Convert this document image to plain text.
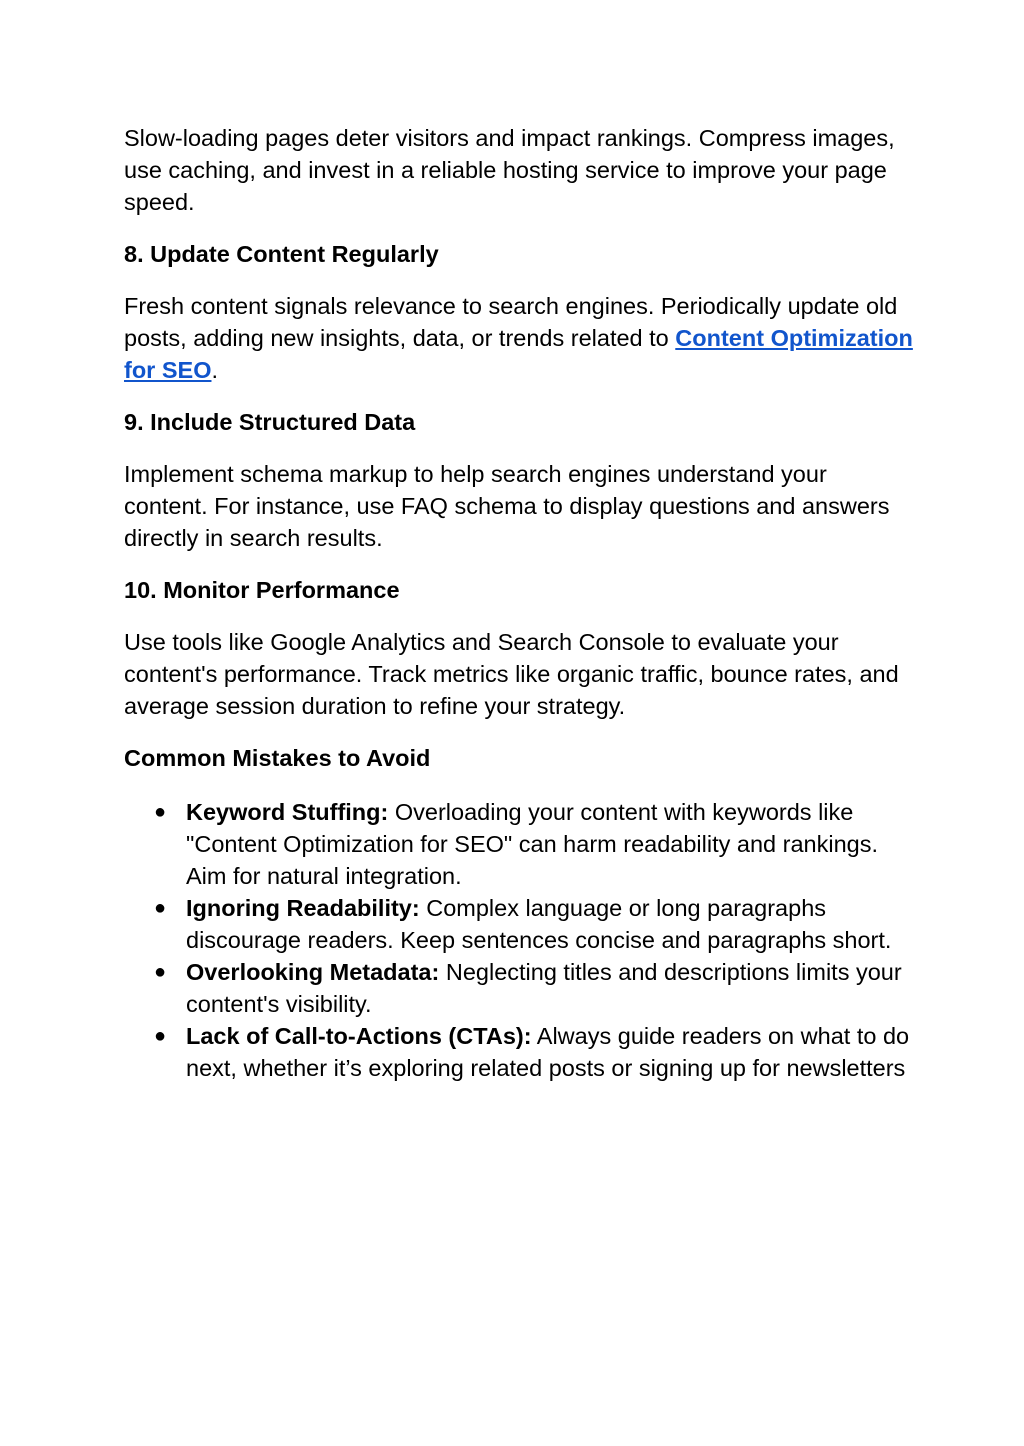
Slow-loading pages deter visitors and impact rankings. Compress images, use caching, and invest in a reliable hosting service to improve your page speed.

8. Update Content Regularly

Fresh content signals relevance to search engines. Periodically update old posts, adding new insights, data, or trends related to Content Optimization for SEO.

9. Include Structured Data

Implement schema markup to help search engines understand your content. For instance, use FAQ schema to display questions and answers directly in search results.

10. Monitor Performance

Use tools like Google Analytics and Search Console to evaluate your content's performance. Track metrics like organic traffic, bounce rates, and average session duration to refine your strategy.

Common Mistakes to Avoid

● Keyword Stuffing: Overloading your content with keywords like "Content Optimization for SEO" can harm readability and rankings. Aim for natural integration.
● Ignoring Readability: Complex language or long paragraphs discourage readers. Keep sentences concise and paragraphs short.
● Overlooking Metadata: Neglecting titles and descriptions limits your content's visibility.
● Lack of Call-to-Actions (CTAs): Always guide readers on what to do next, whether it’s exploring related posts or signing up for newsletters
